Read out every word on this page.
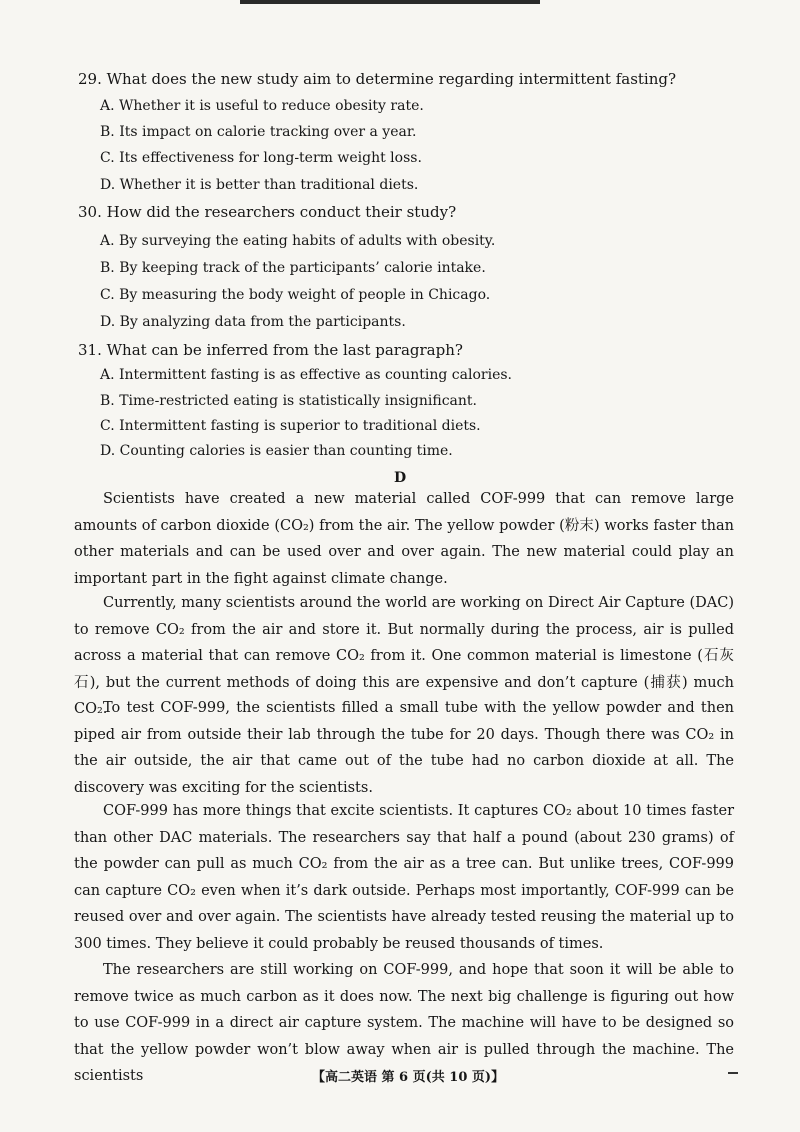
29. What does the new study aim to determine regarding intermittent fasting?
A. Whether it is useful to reduce obesity rate.
B. Its impact on calorie tracking over a year.
C. Its effectiveness for long-term weight loss.
D. Whether it is better than traditional diets.
30. How did the researchers conduct their study?
A. By surveying the eating habits of adults with obesity.
B. By keeping track of the participants’ calorie intake.
C. By measuring the body weight of people in Chicago.
D. By analyzing data from the participants.
31. What can be inferred from the last paragraph?
A. Intermittent fasting is as effective as counting calories.
B. Time-restricted eating is statistically insignificant.
C. Intermittent fasting is superior to traditional diets.
D. Counting calories is easier than counting time.
D
Scientists have created a new material called COF-999 that can remove large amounts of carbon dioxide (CO₂) from the air. The yellow powder (粉末) works faster than other materials and can be used over and over again. The new material could play an important part in the fight against climate change.
Currently, many scientists around the world are working on Direct Air Capture (DAC) to remove CO₂ from the air and store it. But normally during the process, air is pulled across a material that can remove CO₂ from it. One common material is limestone (石灰石), but the current methods of doing this are expensive and don’t capture (捕获) much CO₂.
To test COF-999, the scientists filled a small tube with the yellow powder and then piped air from outside their lab through the tube for 20 days. Though there was CO₂ in the air outside, the air that came out of the tube had no carbon dioxide at all. The discovery was exciting for the scientists.
COF-999 has more things that excite scientists. It captures CO₂ about 10 times faster than other DAC materials. The researchers say that half a pound (about 230 grams) of the powder can pull as much CO₂ from the air as a tree can. But unlike trees, COF-999 can capture CO₂ even when it’s dark outside. Perhaps most importantly, COF-999 can be reused over and over again. The scientists have already tested reusing the material up to 300 times. They believe it could probably be reused thousands of times.
The researchers are still working on COF-999, and hope that soon it will be able to remove twice as much carbon as it does now. The next big challenge is figuring out how to use COF-999 in a direct air capture system. The machine will have to be designed so that the yellow powder won’t blow away when air is pulled through the machine. The scientists	【高二英语 第 6 页(共 10 页)】
